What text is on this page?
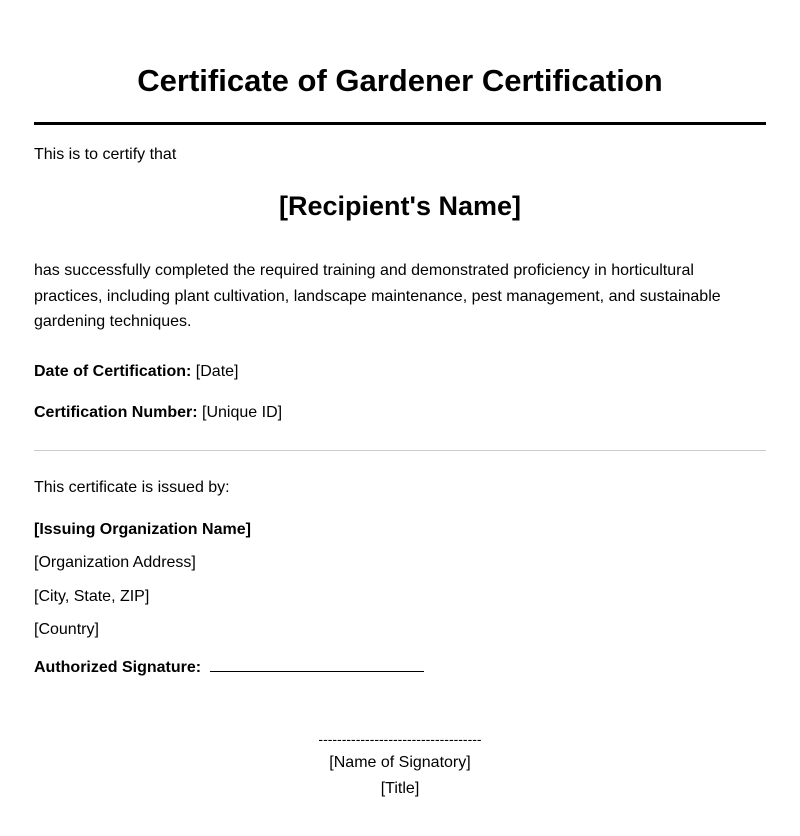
Certificate of Gardener Certification
This is to certify that
[Recipient's Name]
has successfully completed the required training and demonstrated proficiency in horticultural practices, including plant cultivation, landscape maintenance, pest management, and sustainable gardening techniques.
Date of Certification: [Date]
Certification Number: [Unique ID]
This certificate is issued by:
[Issuing Organization Name]
[Organization Address]
[City, State, ZIP]
[Country]
Authorized Signature:
-----------------------------------
[Name of Signatory]
[Title]
